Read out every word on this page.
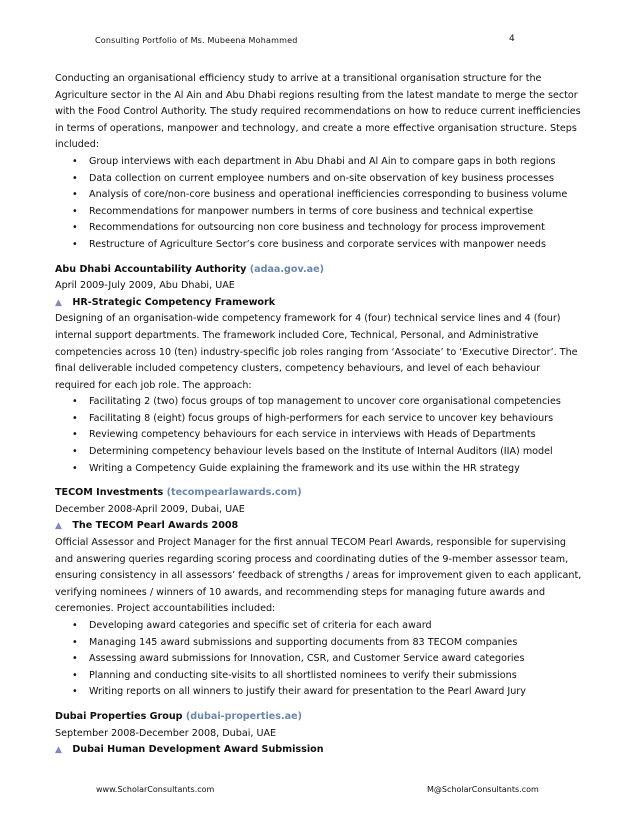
Consulting Portfolio of Ms. Mubeena Mohammed	4

Conducting an organisational efficiency study to arrive at a transitional organisation structure for the Agriculture sector in the Al Ain and Abu Dhabi regions resulting from the latest mandate to merge the sector with the Food Control Authority. The study required recommendations on how to reduce current inefficiencies in terms of operations, manpower and technology, and create a more effective organisation structure. Steps included:

• Group interviews with each department in Abu Dhabi and Al Ain to compare gaps in both regions
• Data collection on current employee numbers and on-site observation of key business processes
• Analysis of core/non-core business and operational inefficiencies corresponding to business volume
• Recommendations for manpower numbers in terms of core business and technical expertise
• Recommendations for outsourcing non core business and technology for process improvement
• Restructure of Agriculture Sector’s core business and corporate services with manpower needs
Abu Dhabi Accountability Authority (adaa.gov.ae)
April 2009-July 2009, Abu Dhabi, UAE
▲ HR-Strategic Competency Framework

Designing of an organisation-wide competency framework for 4 (four) technical service lines and 4 (four) internal support departments. The framework included Core, Technical, Personal, and Administrative competencies across 10 (ten) industry-specific job roles ranging from ‘Associate’ to ‘Executive Director’. The final deliverable included competency clusters, competency behaviours, and level of each behaviour required for each job role. The approach:

• Facilitating 2 (two) focus groups of top management to uncover core organisational competencies
• Facilitating 8 (eight) focus groups of high-performers for each service to uncover key behaviours
• Reviewing competency behaviours for each service in interviews with Heads of Departments
• Determining competency behaviour levels based on the Institute of Internal Auditors (IIA) model
• Writing a Competency Guide explaining the framework and its use within the HR strategy
TECOM Investments (tecompearlawards.com)
December 2008-April 2009, Dubai, UAE
▲ The TECOM Pearl Awards 2008

Official Assessor and Project Manager for the first annual TECOM Pearl Awards, responsible for supervising and answering queries regarding scoring process and coordinating duties of the 9-member assessor team, ensuring consistency in all assessors’ feedback of strengths / areas for improvement given to each applicant, verifying nominees / winners of 10 awards, and recommending steps for managing future awards and ceremonies. Project accountabilities included:

• Developing award categories and specific set of criteria for each award
• Managing 145 award submissions and supporting documents from 83 TECOM companies
• Assessing award submissions for Innovation, CSR, and Customer Service award categories
• Planning and conducting site-visits to all shortlisted nominees to verify their submissions
• Writing reports on all winners to justify their award for presentation to the Pearl Award Jury
Dubai Properties Group (dubai-properties.ae)
September 2008-December 2008, Dubai, UAE
▲ Dubai Human Development Award Submission
www.ScholarConsultants.com	M@ScholarConsultants.com
